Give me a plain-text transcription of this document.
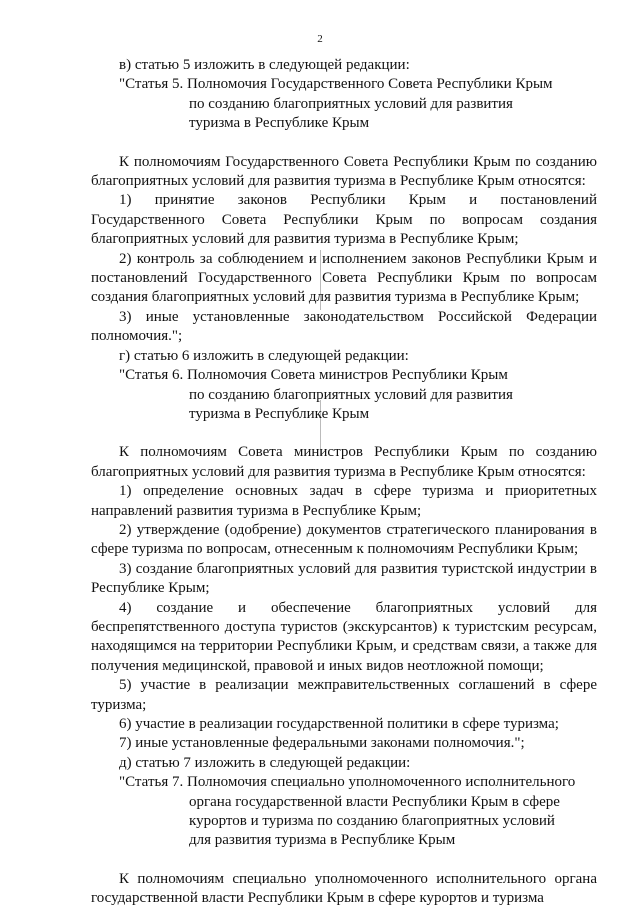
2

в) статью 5 изложить в следующей редакции:

"Статья 5. Полномочия Государственного Совета Республики Крым
по созданию благоприятных условий для развития
туризма в Республике Крым

К полномочиям Государственного Совета Республики Крым по созданию благоприятных условий для развития туризма в Республике Крым относятся:

1) принятие законов Республики Крым и постановлений Государственного Совета Республики Крым по вопросам создания благоприятных условий для развития туризма в Республике Крым;

2) контроль за соблюдением и исполнением законов Республики Крым и постановлений Государственного Совета Республики Крым по вопросам создания благоприятных условий для развития туризма в Республике Крым;

3) иные установленные законодательством Российской Федерации полномочия.";

г) статью 6 изложить в следующей редакции:

"Статья 6. Полномочия Совета министров Республики Крым
по созданию благоприятных условий для развития
туризма в Республике Крым

К полномочиям Совета министров Республики Крым по созданию благоприятных условий для развития туризма в Республике Крым относятся:

1) определение основных задач в сфере туризма и приоритетных направлений развития туризма в Республике Крым;

2) утверждение (одобрение) документов стратегического планирования в сфере туризма по вопросам, отнесенным к полномочиям Республики Крым;

3) создание благоприятных условий для развития туристской индустрии в Республике Крым;

4) создание и обеспечение благоприятных условий для беспрепятственного доступа туристов (экскурсантов) к туристским ресурсам, находящимся на территории Республики Крым, и средствам связи, а также для получения медицинской, правовой и иных видов неотложной помощи;

5) участие в реализации межправительственных соглашений в сфере туризма;

6) участие в реализации государственной политики в сфере туризма;

7) иные установленные федеральными законами полномочия.";

д) статью 7 изложить в следующей редакции:

"Статья 7. Полномочия специально уполномоченного исполнительного
органа государственной власти Республики Крым в сфере
курортов и туризма по созданию благоприятных условий
для развития туризма в Республике Крым

К полномочиям специально уполномоченного исполнительного органа государственной власти Республики Крым в сфере курортов и туризма
